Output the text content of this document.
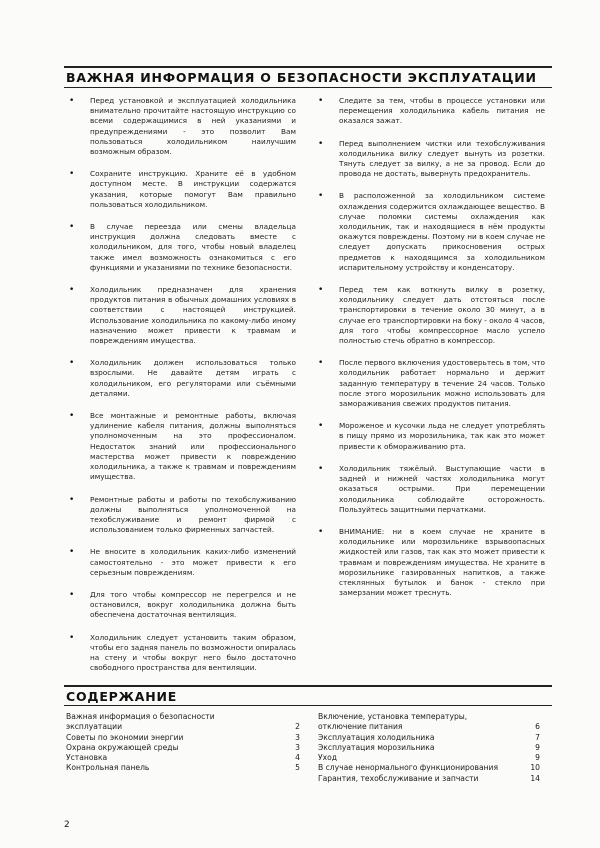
ВАЖНАЯ ИНФОРМАЦИЯ О БЕЗОПАСНОСТИ ЭКСПЛУАТАЦИИ
• Перед установкой и эксплуатацией холодильника внимательно прочитайте настоящую инструкцию со всеми содержащимися в ней указаниями и предупреждениями - это позволит Вам пользоваться холодильником наилучшим возможным образом.
• Сохраните инструкцию. Храните её в удобном доступном месте. В инструкции содержатся указания, которые помогут Вам правильно пользоваться холодильником.
• В случае переезда или смены владельца инструкция должна следовать вместе с холодильником, для того, чтобы новый владелец также имел возможность ознакомиться с его функциями и указаниями по технике безопасности.
• Холодильник предназначен для хранения продуктов питания в обычных домашних условиях в соответствии с настоящей инструкцией. Использование холодильника по какому-либо иному назначению может привести к травмам и повреждениям имущества.
• Холодильник должен использоваться только взрослыми. Не давайте детям играть с холодильником, его регуляторами или съёмными деталями.
• Все монтажные и ремонтные работы, включая удлинение кабеля питания, должны выполняться уполномоченным на это профессионалом. Недостаток знаний или профессионального мастерства может привести к повреждению холодильника, а также к травмам и повреждениям имущества.
• Ремонтные работы и работы по техобслуживанию должны выполняться уполномоченной на техобслуживание и ремонт фирмой с использованием только фирменных запчастей.
• Не вносите в холодильник каких-либо изменений самостоятельно - это может привести к его серьезным повреждениям.
• Для того чтобы компрессор не перегрелся и не остановился, вокруг холодильника должна быть обеспечена достаточная вентиляция.
• Холодильник следует установить таким образом, чтобы его задняя панель по возможности опиралась на стену и чтобы вокруг него было достаточно свободного пространства для вентиляции.
• Следите за тем, чтобы в процессе установки или перемещения холодильника кабель питания не оказался зажат.
• Перед выполнением чистки или техобслуживания холодильника вилку следует вынуть из розетки. Тянуть следует за вилку, а не за провод. Если до провода не достать, вывернуть предохранитель.
• В расположенной за холодильником системе охлаждения содержится охлаждающее вещество. В случае поломки системы охлаждения как холодильник, так и находящиеся в нём продукты окажутся повреждены. Поэтому ни в коем случае не следует допускать прикосновения острых предметов к находящимся за холодильником испарительному устройству и конденсатору.
• Перед тем как воткнуть вилку в розетку, холодильнику следует дать отстояться после транспортировки в течение около 30 минут, а в случае его транспортировки на боку - около 4 часов, для того чтобы компрессорное масло успело полностью стечь обратно в компрессор.
• После первого включения удостоверьтесь в том, что холодильник работает нормально и держит заданную температуру в течение 24 часов. Только после этого морозильник можно использовать для замораживания свежих продуктов питания.
• Мороженое и кусочки льда не следует употреблять в пищу прямо из морозильника, так как это может привести к обмораживанию рта.
• Холодильник тяжёлый. Выступающие части в задней и нижней частях холодильника могут оказаться острыми. При перемещении холодильника соблюдайте осторожность. Пользуйтесь защитными перчатками.
• ВНИМАНИЕ: ни в коем случае не храните в холодильнике или морозильнике взрывоопасных жидкостей или газов, так как это может привести к травмам и повреждениям имущества. Не храните в морозильнике газированных напитков, а также стеклянных бутылок и банок - стекло при замерзании может треснуть.
СОДЕРЖАНИЕ
Важная информация о безопасности эксплуатации	2
Советы по экономии энергии	3
Охрана окружающей среды	3
Установка	4
Контрольная панель	5
Включение, установка температуры, отключение питания	6
Эксплуатация холодильника	7
Эксплуатация морозильника	9
Уход	9
В случае ненормального функционирования	10
Гарантия, техобслуживание и запчасти	14
2
